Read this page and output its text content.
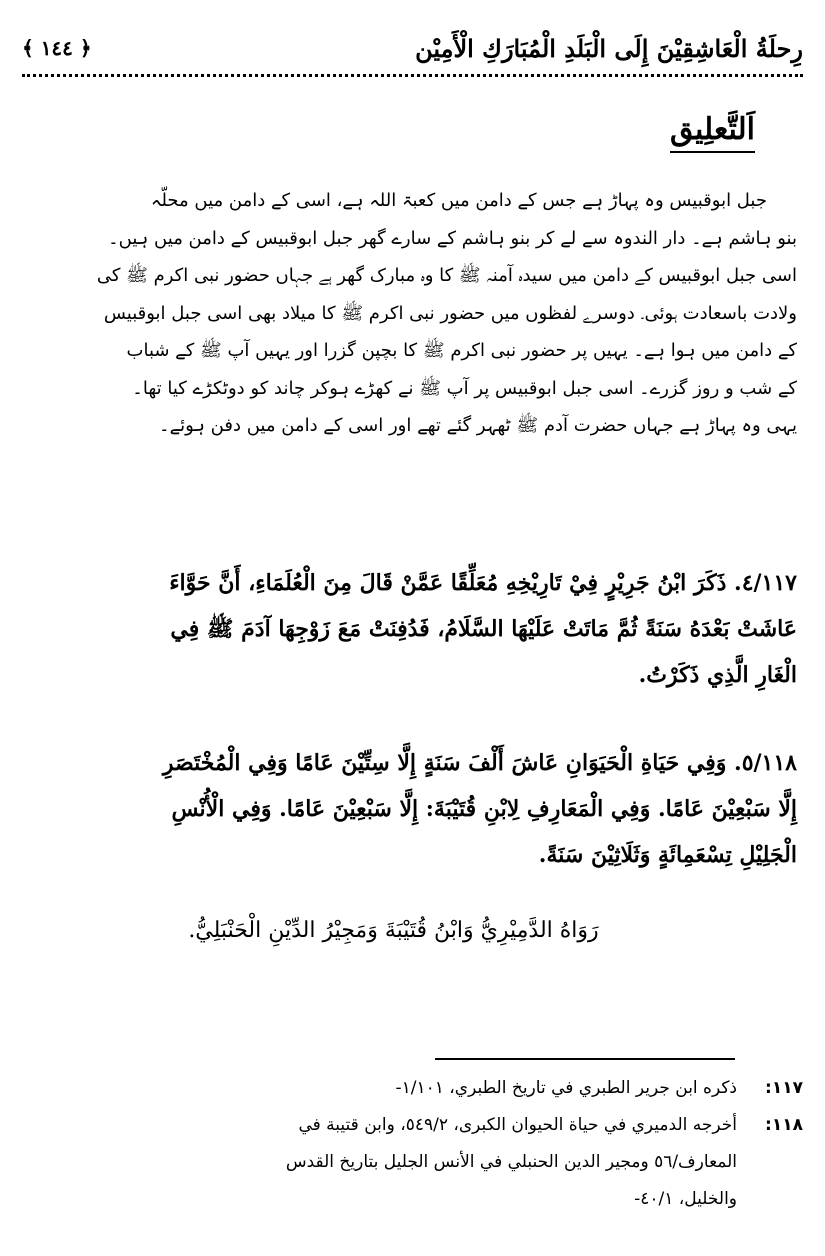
رِحلَةُ الْعَاشِقِيْنَ إِلَى الْبَلَدِ الْمُبَارَكِ الْأَمِيْن
﴿ ١٤٤ ﴾
اَلتَّعلِيق

جبل ابوقبیس وہ پہاڑ ہے جس کے دامن میں کعبۃ اللہ ہے، اسی کے دامن میں محلّہ

بنو ہاشم ہے۔ دار الندوہ سے لے کر بنو ہاشم کے سارے گھر جبل ابوقبیس کے دامن میں ہیں۔

اسی جبل ابوقبیس کے دامن میں سیدہ آمنہ ﷺ کا وہ مبارک گھر ہے جہاں حضور نبی اکرم ﷺ کی

ولادت باسعادت ہوئی۔ دوسرے لفظوں میں حضور نبی اکرم ﷺ کا میلاد بھی اسی جبل ابوقبیس

کے دامن میں ہوا ہے۔ یہیں پر حضور نبی اکرم ﷺ کا بچپن گزرا اور یہیں آپ ﷺ کے شباب

کے شب و روز گزرے۔ اسی جبل ابوقبیس پر آپ ﷺ نے کھڑے ہوکر چاند کو دوٹکڑے کیا تھا۔

یہی وہ پہاڑ ہے جہاں حضرت آدم ﷺ ٹھہر گئے تھے اور اسی کے دامن میں دفن ہوئے۔

٤/١١٧. ذَكَرَ ابْنُ جَرِيْرٍ فِيْ تَارِيْخِهِ مُعَلِّقًا عَمَّنْ قَالَ مِنَ الْعُلَمَاءِ، أَنَّ حَوَّاءَ

عَاشَتْ بَعْدَهُ سَنَةً ثُمَّ مَاتَتْ عَلَيْهَا السَّلَامُ، فَدُفِنَتْ مَعَ زَوْجِهَا آدَمَ ﷺ فِي

الْغَارِ الَّذِي ذَكَرْتُ.

٥/١١٨. وَفِي حَيَاةِ الْحَيَوَانِ عَاشَ أَلْفَ سَنَةٍ إِلَّا سِتِّيْنَ عَامًا وَفِي الْمُخْتَصَرِ

إِلَّا سَبْعِيْنَ عَامًا. وَفِي الْمَعَارِفِ لِابْنِ قُتَيْبَةَ: إِلَّا سَبْعِيْنَ عَامًا. وَفِي الْأُنْسِ

الْجَلِيْلِ تِسْعَمِائَةٍ وَثَلَاثِيْنَ سَنَةً.

رَوَاهُ الدَّمِيْرِيُّ وَابْنُ قُتَيْبَةَ وَمَجِيْرُ الدِّيْنِ الْحَنْبَلِيُّ.
١١٧:
ذكره ابن جرير الطبري في تاريخ الطبري، ١/١٠١-
١١٨:
أخرجه الدميري في حياة الحيوان الكبرى، ٥٤٩/٢، وابن قتيبة في
المعارف/٥٦ ومجير الدين الحنبلي في الأنس الجليل بتاريخ القدس
والخليل، ٤٠/١-
